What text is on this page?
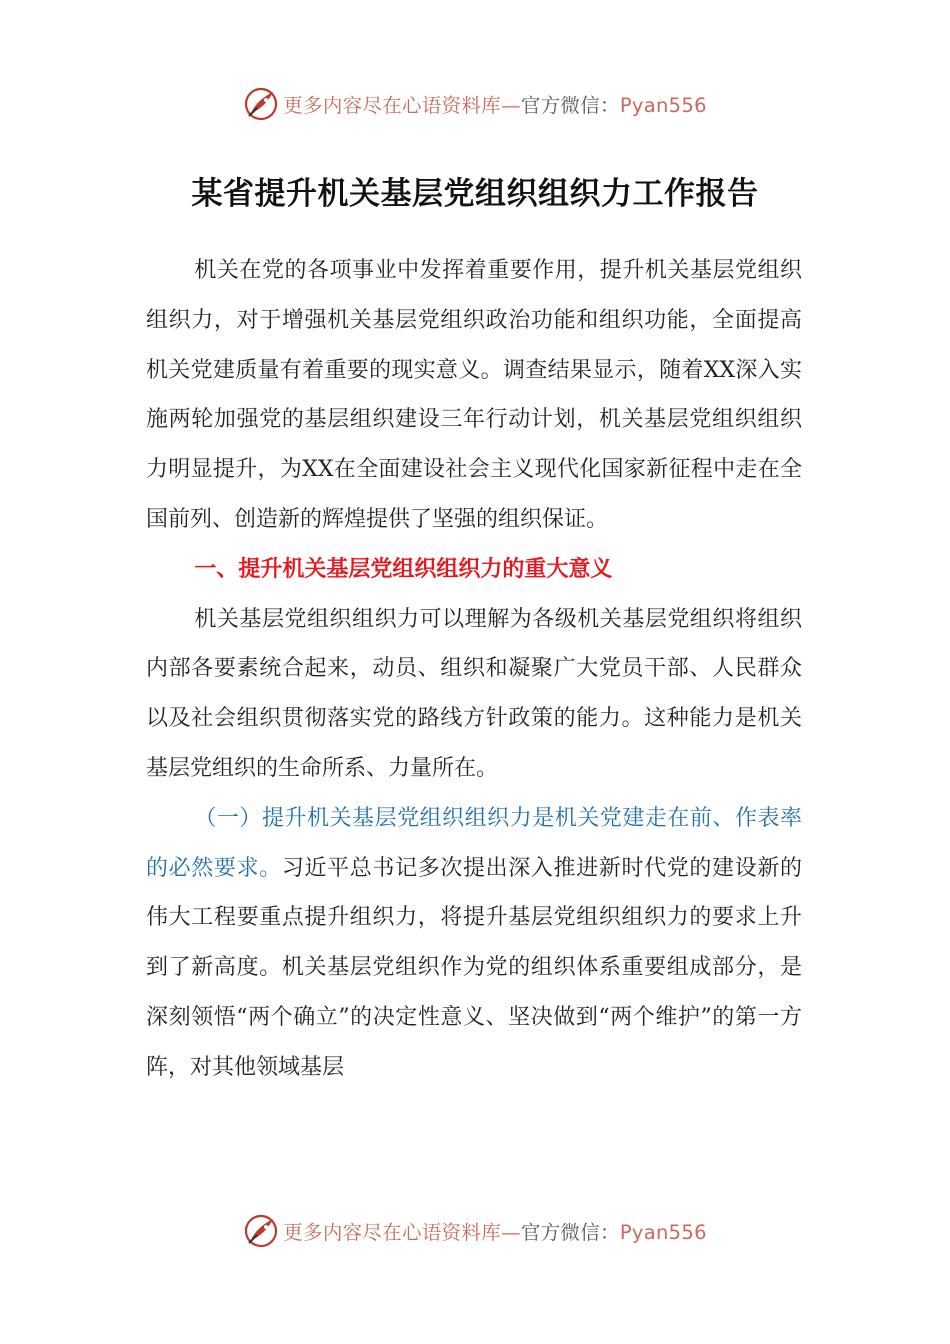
更多内容尽在心语资料库—官方微信：Pyan556
某省提升机关基层党组织组织力工作报告

机关在党的各项事业中发挥着重要作用，提升机关基层党组织组织力，对于增强机关基层党组织政治功能和组织功能，全面提高机关党建质量有着重要的现实意义。调查结果显示，随着XX深入实施两轮加强党的基层组织建设三年行动计划，机关基层党组织组织力明显提升，为XX在全面建设社会主义现代化国家新征程中走在全国前列、创造新的辉煌提供了坚强的组织保证。

一、提升机关基层党组织组织力的重大意义

机关基层党组织组织力可以理解为各级机关基层党组织将组织内部各要素统合起来，动员、组织和凝聚广大党员干部、人民群众以及社会组织贯彻落实党的路线方针政策的能力。这种能力是机关基层党组织的生命所系、力量所在。

（一）提升机关基层党组织组织力是机关党建走在前、作表率的必然要求。习近平总书记多次提出深入推进新时代党的建设新的伟大工程要重点提升组织力，将提升基层党组织组织力的要求上升到了新高度。机关基层党组织作为党的组织体系重要组成部分，是深刻领悟“两个确立”的决定性意义、坚决做到“两个维护”的第一方阵，对其他领域基层

更多内容尽在心语资料库—官方微信：Pyan556
